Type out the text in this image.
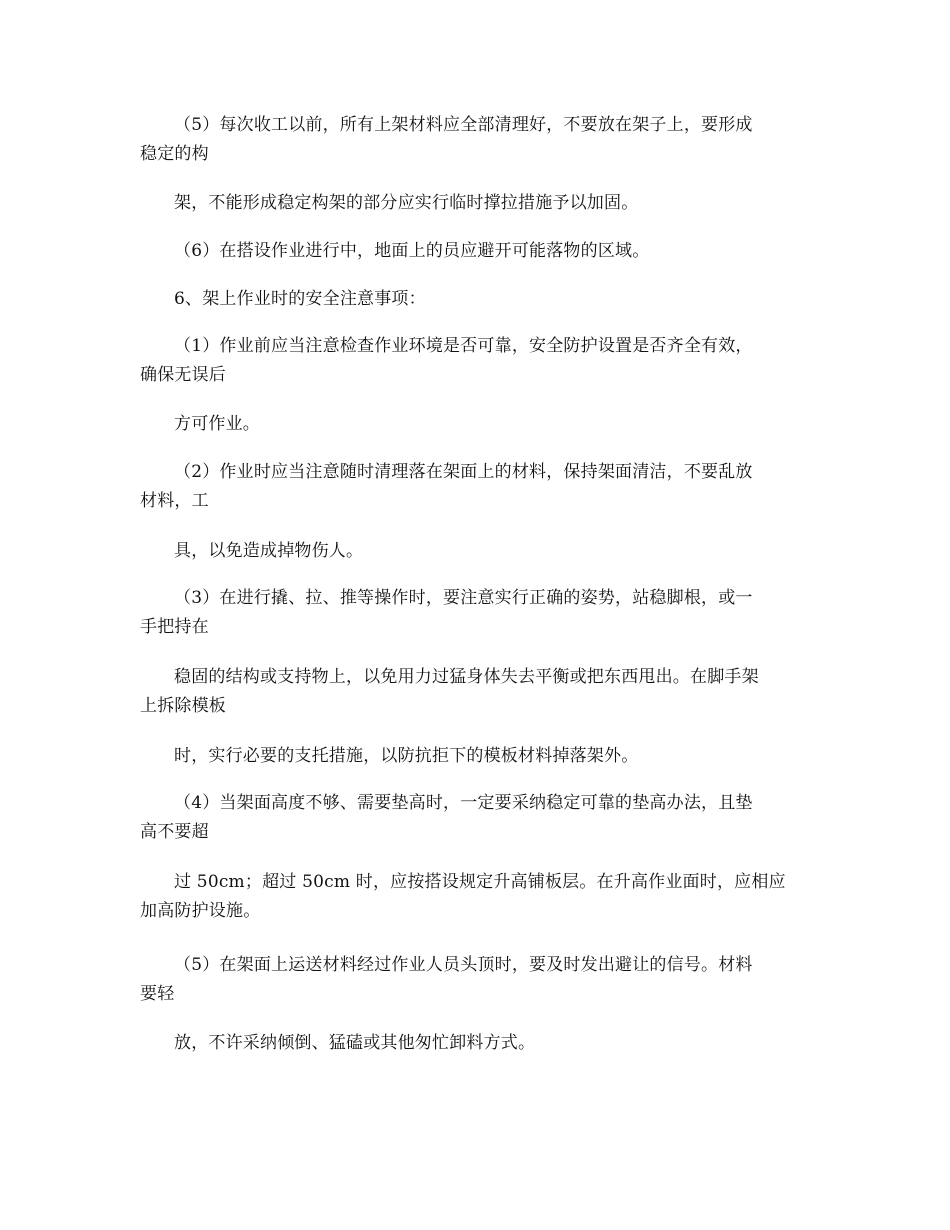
（5）每次收工以前，所有上架材料应全部清理好，不要放在架子上，要形成
稳定的构

架，不能形成稳定构架的部分应实行临时撑拉措施予以加固。

（6）在搭设作业进行中，地面上的员应避开可能落物的区域。

6、架上作业时的安全注意事项：

（1）作业前应当注意检查作业环境是否可靠，安全防护设置是否齐全有效，
确保无误后

方可作业。

（2）作业时应当注意随时清理落在架面上的材料，保持架面清洁，不要乱放
材料，工

具，以免造成掉物伤人。

（3）在进行撬、拉、推等操作时，要注意实行正确的姿势，站稳脚根，或一
手把持在

稳固的结构或支持物上，以免用力过猛身体失去平衡或把东西甩出。在脚手架
上拆除模板

时，实行必要的支托措施，以防抗拒下的模板材料掉落架外。

（4）当架面高度不够、需要垫高时，一定要采纳稳定可靠的垫高办法，且垫
高不要超

过 50cm；超过 50cm 时，应按搭设规定升高铺板层。在升高作业面时，应相应
加高防护设施。

（5）在架面上运送材料经过作业人员头顶时，要及时发出避让的信号。材料
要轻

放，不许采纳倾倒、猛磕或其他匆忙卸料方式。
